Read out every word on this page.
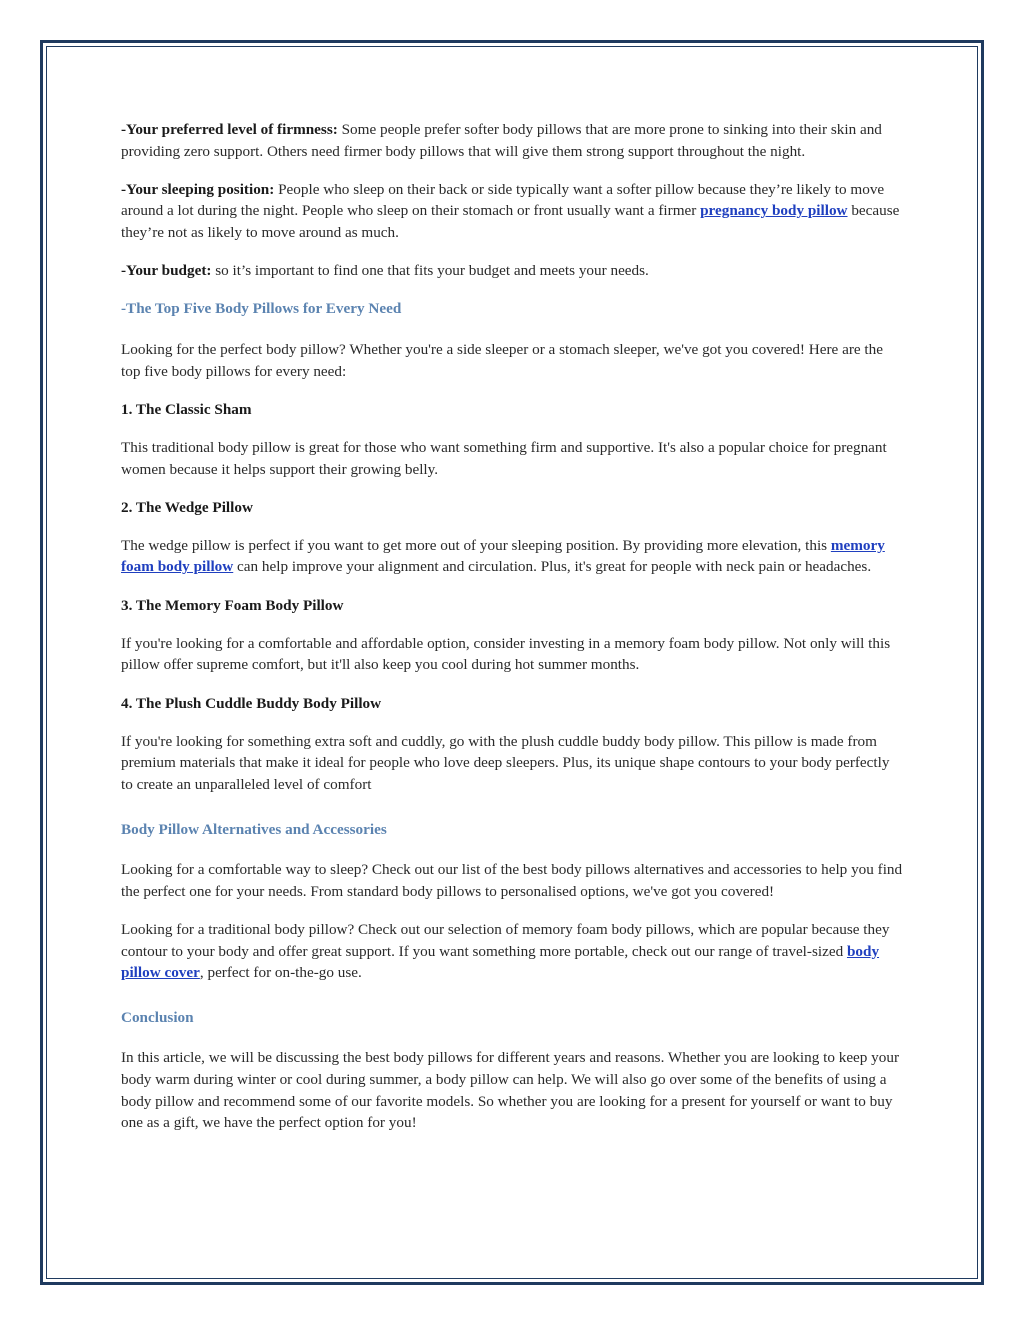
-Your preferred level of firmness: Some people prefer softer body pillows that are more prone to sinking into their skin and providing zero support. Others need firmer body pillows that will give them strong support throughout the night.

-Your sleeping position: People who sleep on their back or side typically want a softer pillow because they’re likely to move around a lot during the night. People who sleep on their stomach or front usually want a firmer pregnancy body pillow because they’re not as likely to move around as much.

-Your budget: so it’s important to find one that fits your budget and meets your needs.

-The Top Five Body Pillows for Every Need

Looking for the perfect body pillow? Whether you're a side sleeper or a stomach sleeper, we've got you covered! Here are the top five body pillows for every need:

1. The Classic Sham

This traditional body pillow is great for those who want something firm and supportive. It's also a popular choice for pregnant women because it helps support their growing belly.

2. The Wedge Pillow

The wedge pillow is perfect if you want to get more out of your sleeping position. By providing more elevation, this memory foam body pillow can help improve your alignment and circulation. Plus, it's great for people with neck pain or headaches.

3. The Memory Foam Body Pillow

If you're looking for a comfortable and affordable option, consider investing in a memory foam body pillow. Not only will this pillow offer supreme comfort, but it'll also keep you cool during hot summer months.

4. The Plush Cuddle Buddy Body Pillow

If you're looking for something extra soft and cuddly, go with the plush cuddle buddy body pillow. This pillow is made from premium materials that make it ideal for people who love deep sleepers. Plus, its unique shape contours to your body perfectly to create an unparalleled level of comfort

Body Pillow Alternatives and Accessories

Looking for a comfortable way to sleep? Check out our list of the best body pillows alternatives and accessories to help you find the perfect one for your needs. From standard body pillows to personalised options, we've got you covered!

Looking for a traditional body pillow? Check out our selection of memory foam body pillows, which are popular because they contour to your body and offer great support. If you want something more portable, check out our range of travel-sized body pillow cover, perfect for on-the-go use.

Conclusion

In this article, we will be discussing the best body pillows for different years and reasons. Whether you are looking to keep your body warm during winter or cool during summer, a body pillow can help. We will also go over some of the benefits of using a body pillow and recommend some of our favorite models. So whether you are looking for a present for yourself or want to buy one as a gift, we have the perfect option for you!
